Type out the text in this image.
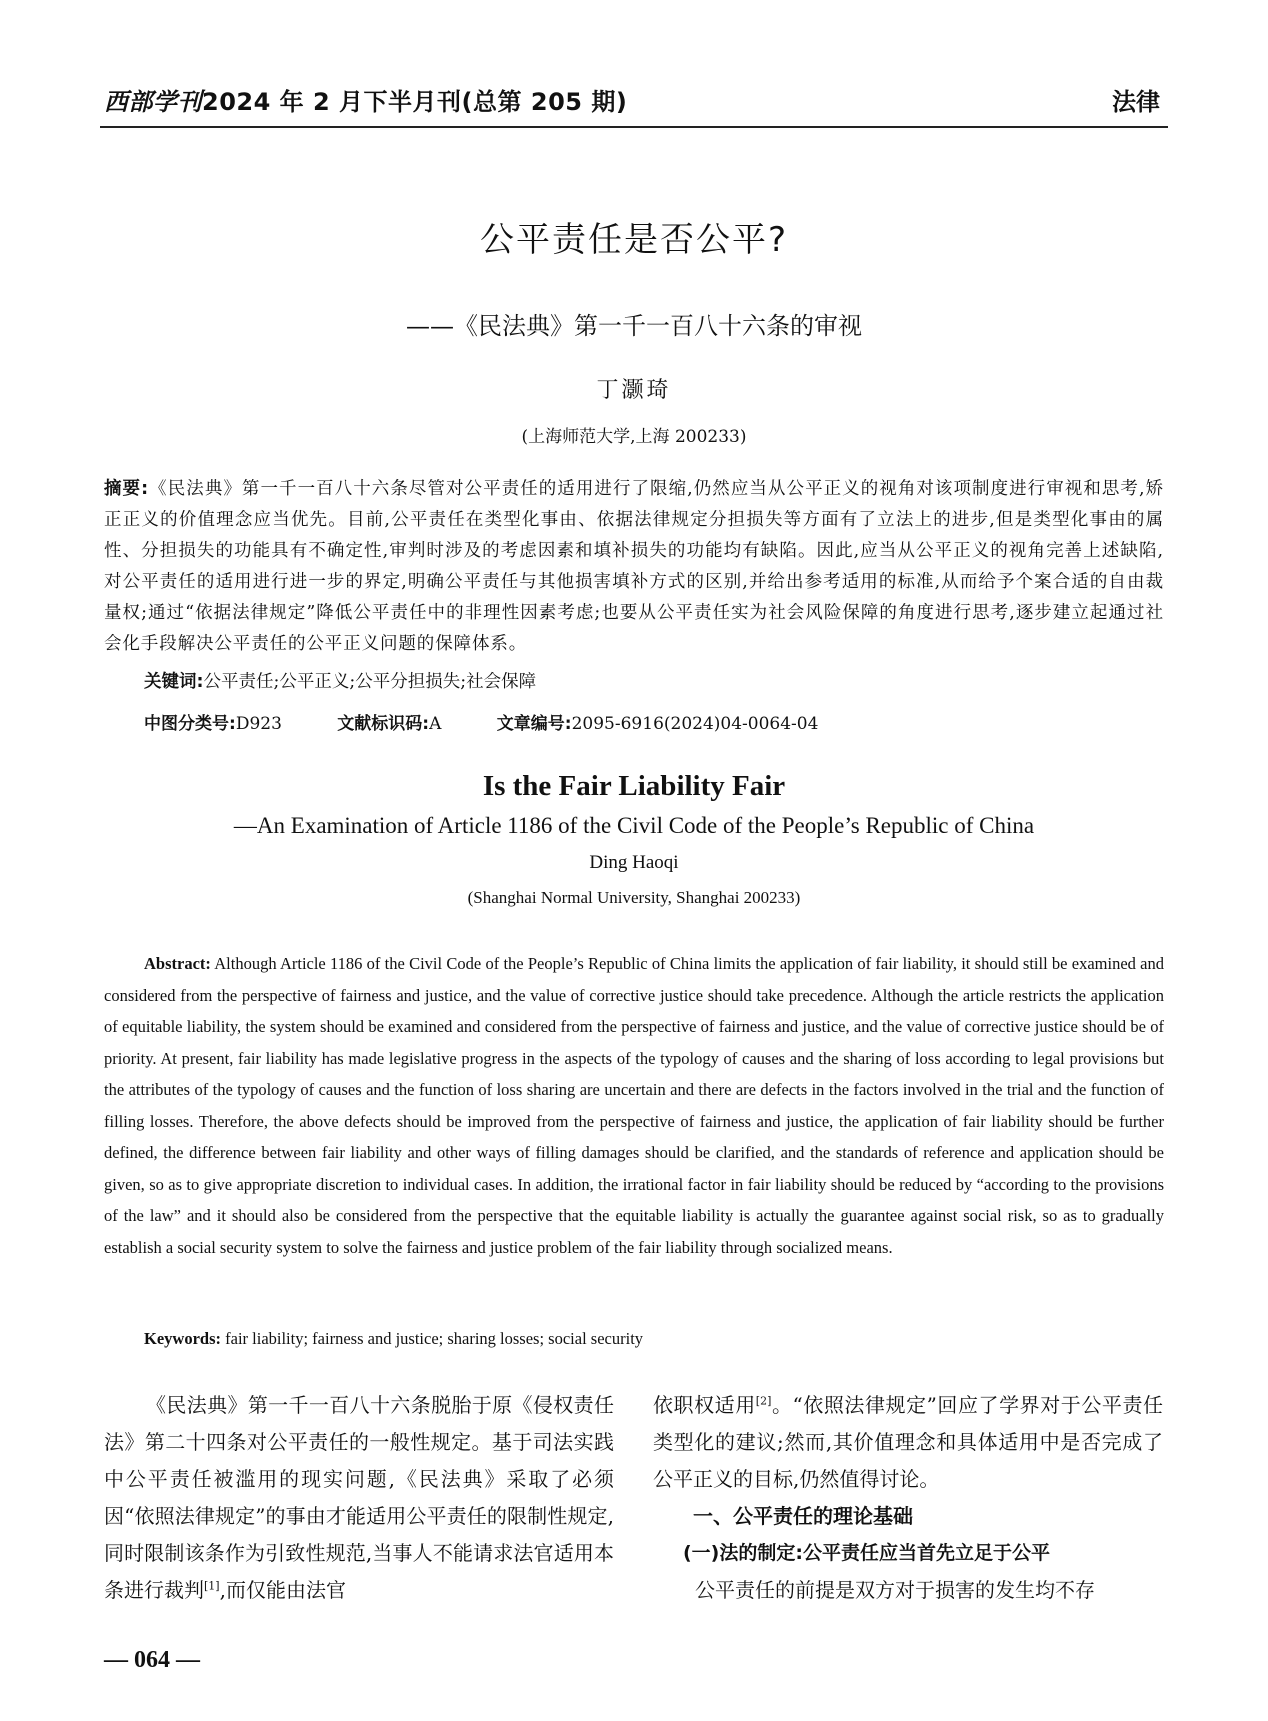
西部学刊2024 年 2 月下半月刊(总第 205 期)	法律
公平责任是否公平?
——《民法典》第一千一百八十六条的审视
丁灏琦
(上海师范大学,上海 200233)
摘要:《民法典》第一千一百八十六条尽管对公平责任的适用进行了限缩,仍然应当从公平正义的视角对该项制度进行审视和思考,矫正正义的价值理念应当优先。目前,公平责任在类型化事由、依据法律规定分担损失等方面有了立法上的进步,但是类型化事由的属性、分担损失的功能具有不确定性,审判时涉及的考虑因素和填补损失的功能均有缺陷。因此,应当从公平正义的视角完善上述缺陷,对公平责任的适用进行进一步的界定,明确公平责任与其他损害填补方式的区别,并给出参考适用的标准,从而给予个案合适的自由裁量权;通过“依据法律规定”降低公平责任中的非理性因素考虑;也要从公平责任实为社会风险保障的角度进行思考,逐步建立起通过社会化手段解决公平责任的公平正义问题的保障体系。
关键词:公平责任;公平正义;公平分担损失;社会保障
中图分类号:D923	文献标识码:A	文章编号:2095-6916(2024)04-0064-04
Is the Fair Liability Fair
—An Examination of Article 1186 of the Civil Code of the People’s Republic of China
Ding Haoqi
(Shanghai Normal University, Shanghai 200233)
Abstract: Although Article 1186 of the Civil Code of the People’s Republic of China limits the application of fair liability, it should still be examined and considered from the perspective of fairness and justice, and the value of corrective justice should take precedence. Although the article restricts the application of equitable liability, the system should be examined and considered from the perspective of fairness and justice, and the value of corrective justice should be of priority. At present, fair liability has made legislative progress in the aspects of the typology of causes and the sharing of loss according to legal provisions but the attributes of the typology of causes and the function of loss sharing are uncertain and there are defects in the factors involved in the trial and the function of filling losses. Therefore, the above defects should be improved from the perspective of fairness and justice, the application of fair liability should be further defined, the difference between fair liability and other ways of filling damages should be clarified, and the standards of reference and application should be given, so as to give appropriate discretion to individual cases. In addition, the irrational factor in fair liability should be reduced by “according to the provisions of the law” and it should also be considered from the perspective that the equitable liability is actually the guarantee against social risk, so as to gradually establish a social security system to solve the fairness and justice problem of the fair liability through socialized means.
Keywords: fair liability; fairness and justice; sharing losses; social security

《民法典》第一千一百八十六条脱胎于原《侵权责任法》第二十四条对公平责任的一般性规定。基于司法实践中公平责任被滥用的现实问题,《民法典》采取了必须因“依照法律规定”的事由才能适用公平责任的限制性规定,同时限制该条作为引致性规范,当事人不能请求法官适用本条进行裁判[1],而仅能由法官

依职权适用[2]。“依照法律规定”回应了学界对于公平责任类型化的建议;然而,其价值理念和具体适用中是否完成了公平正义的目标,仍然值得讨论。

一、公平责任的理论基础

(一)法的制定:公平责任应当首先立足于公平

公平责任的前提是双方对于损害的发生均不存

— 064 —
